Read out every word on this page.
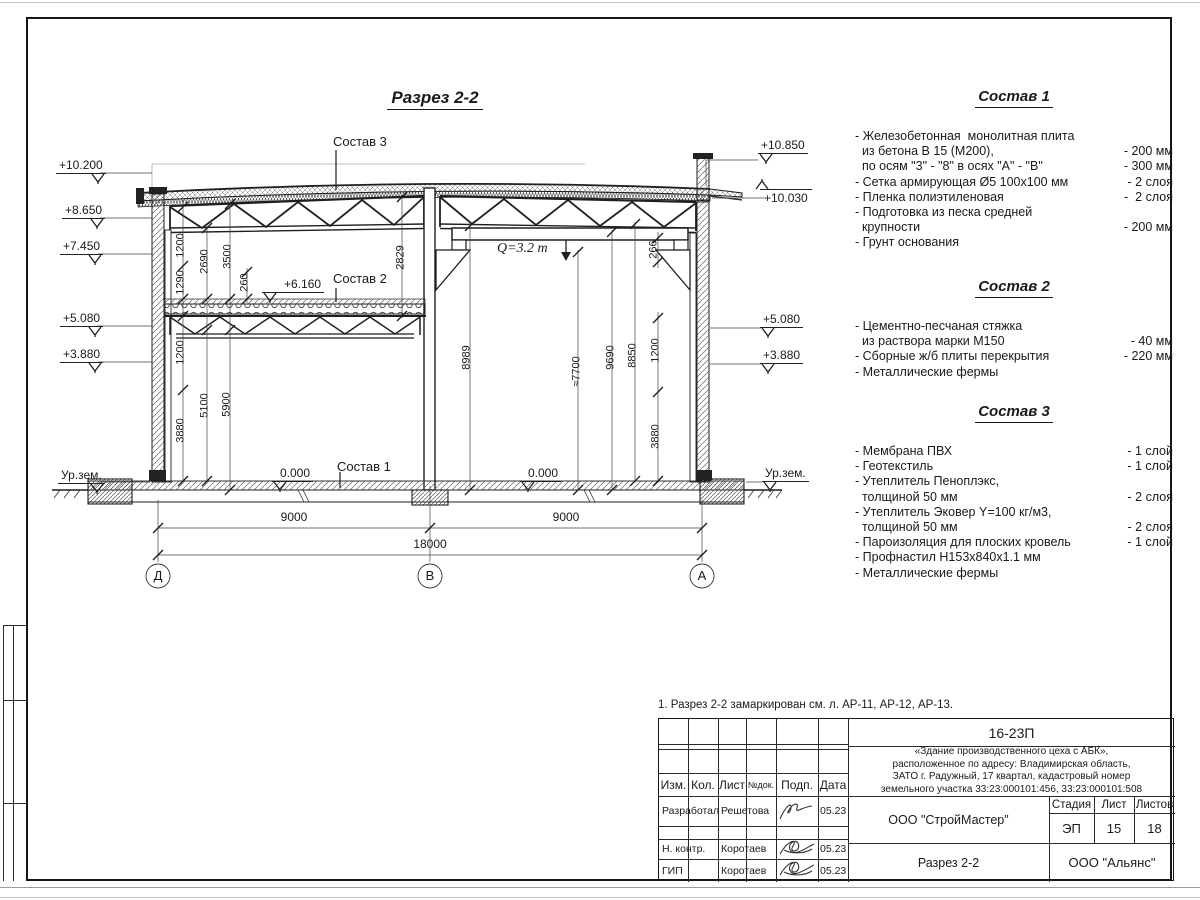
Разрез 2-2
Состав 3
Состав 2
Состав 1
Q=3.2 т
+10.200
+8.650
+7.450
+5.080
+3.880
Ур.зем.
+10.850
+10.030
+5.080
+3.880
Ур.зем.
0.000	0.000
+6.160
1200
2690 3500
1290	260
2829
1200
3880
5100 5900
8989	≈7700 9690 8850 1200
3880
266
9000	9000
18000
Д	В	А
Состав 1
- Железобетонная  монолитная плита
из бетона В 15 (М200),	- 200 мм
по осям "3" - "8" в осях "А" - "В"	- 300 мм
- Сетка армирующая Ø5 100х100 мм	- 2 слоя
- Пленка полиэтиленовая	-  2 слоя
- Подготовка из песка средней
крупности	- 200 мм
- Грунт основания
Состав 2
- Цементно-песчаная стяжка
из раствора марки М150	- 40 мм
- Сборные ж/б плиты перекрытия	- 220 мм
- Металлические фермы
Состав 3
- Мембрана ПВХ	- 1 слой
- Геотекстиль	- 1 слой
- Утеплитель Пеноплэкс,
толщиной 50 мм	- 2 слоя
- Утеплитель Эковер Y=100 кг/м3,
толщиной 50 мм	- 2 слоя
- Пароизоляция для плоских кровель	- 1 слой
- Профнастил Н153х840х1.1 мм
- Металлические фермы
1. Разрез 2-2 замаркирован см. л. АР-11, АР-12, АР-13.
Изм. Кол. Лист №док. Подп. Дата
Разработал Решетова	05.23
Н. контр.	Коротаев	05.23
ГИП	Коротаев	05.23
16-23П
«Здание производственного цеха с АБК»,
расположенное по адресу: Владимирская область,
ЗАТО г. Радужный, 17 квартал, кадастровый номер
земельного участка 33:23:000101:456, 33:23:000101:508
ООО "СтройМастер"
Стадия Лист Листов
ЭП	15	18
Разрез 2-2	ООО "Альянс"
